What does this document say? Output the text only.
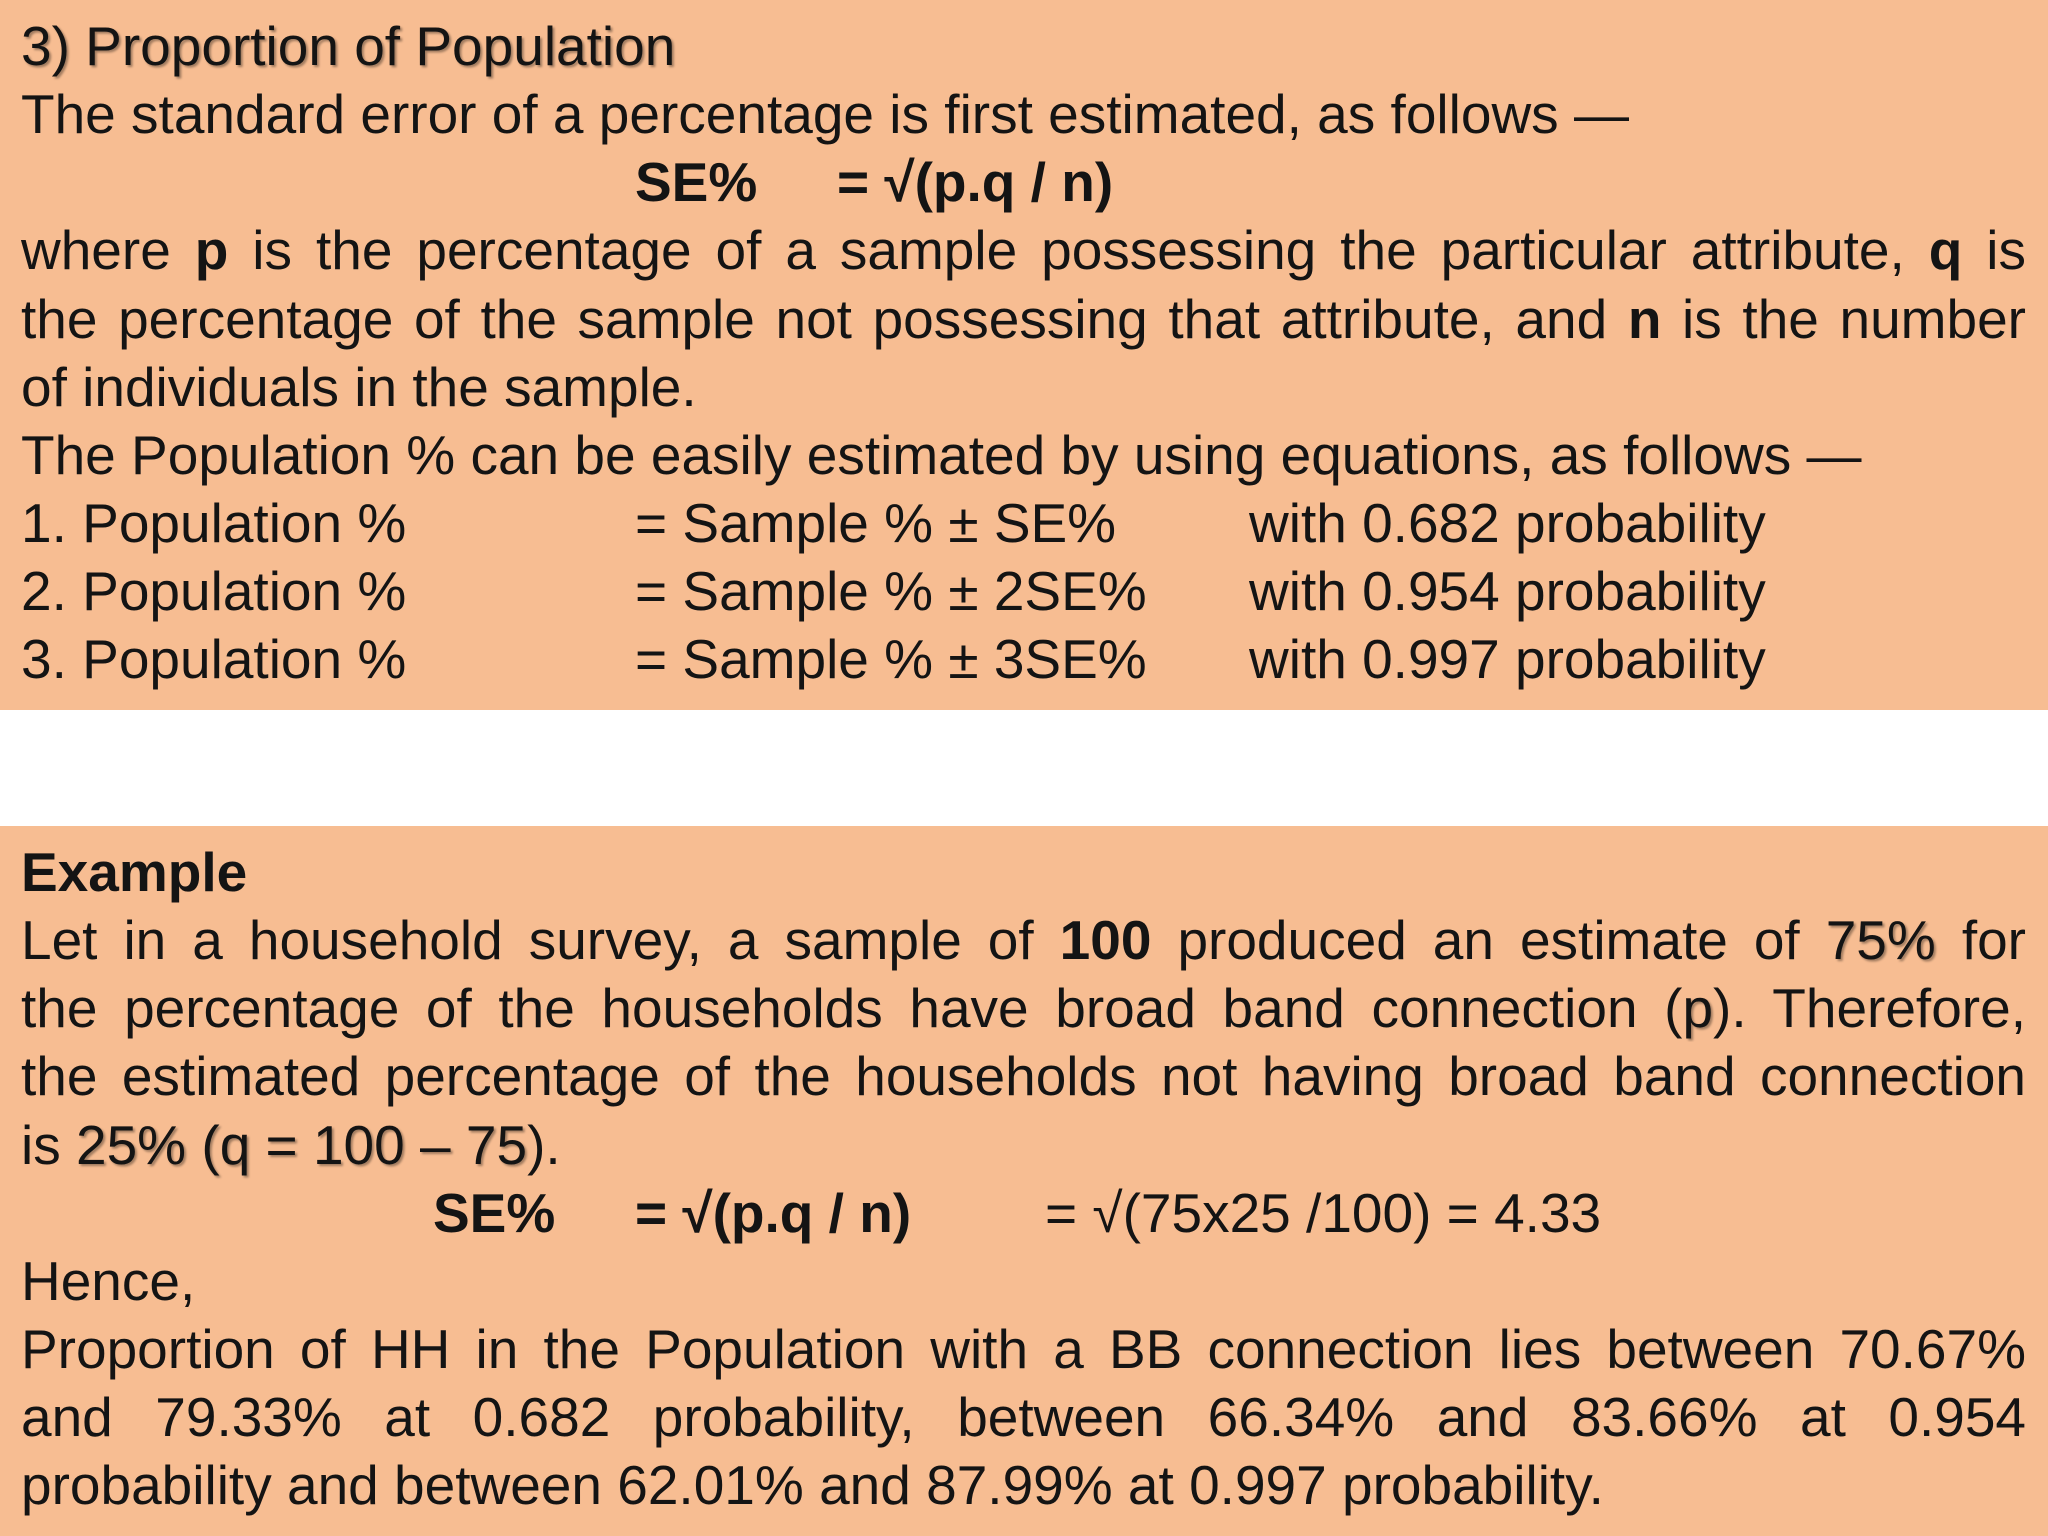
3) Proportion of Population
The standard error of a percentage is first estimated, as follows —
SE% = √(p.q / n)
where p is the percentage of a sample possessing the particular attribute, q is
the percentage of the sample not possessing that attribute, and n is the number
of individuals in the sample.
The Population % can be easily estimated by using equations, as follows —
1. Population %	= Sample % ± SE% with 0.682 probability
2. Population %	= Sample % ± 2SE% with 0.954 probability
3. Population %	= Sample % ± 3SE% with 0.997 probability
Example
Let in a household survey, a sample of 100 produced an estimate of 75% for
the percentage of the households have broad band connection (p). Therefore,
the estimated percentage of the households not having broad band connection
is 25% (q = 100 – 75).
SE% = √(p.q / n) = √(75x25 /100) = 4.33
Hence,
Proportion of HH in the Population with a BB connection lies between 70.67%
and 79.33% at 0.682 probability, between 66.34% and 83.66% at 0.954
probability and between 62.01% and 87.99% at 0.997 probability.
